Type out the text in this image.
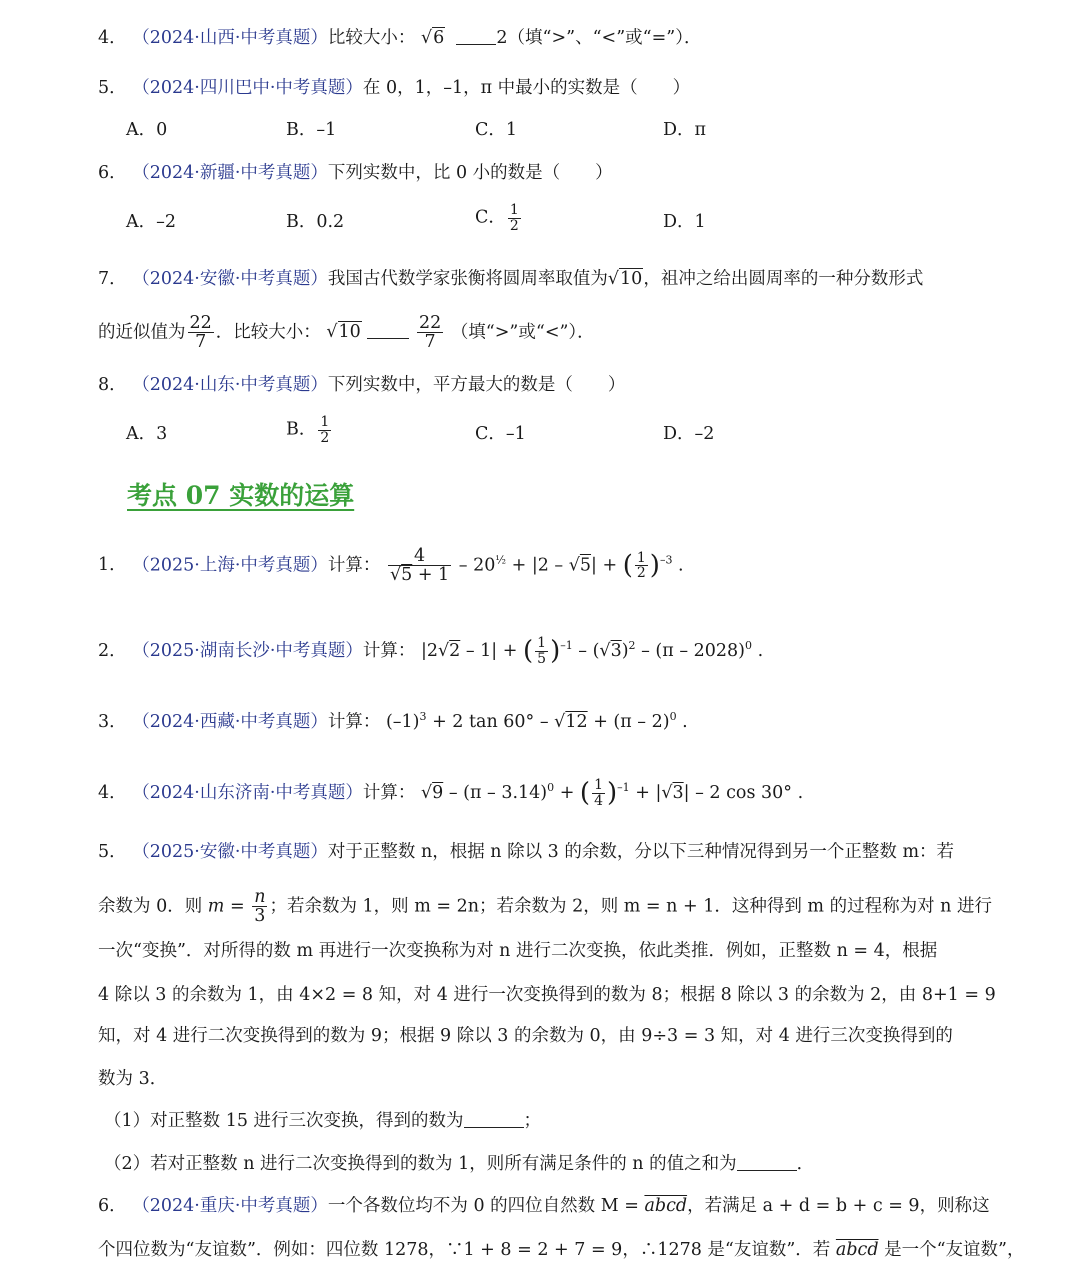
4． （2024·山西·中考真题）比较大小： √6	2（填“>”、“<”或“=”）．
5． （2024·四川巴中·中考真题）在 0，1，–1，π 中最小的实数是（　　）
A．0	B．–1	C．1	D．π
6． （2024·新疆·中考真题）下列实数中，比 0 小的数是（　　）
A．–2	B．0.2	C． $\frac{1}{2}$	D．1
7． （2024·安徽·中考真题）我国古代数学家张衡将圆周率取值为√10，祖冲之给出圆周率的一种分数形式
的近似值为 $\frac{22}{7}$ ．比较大小： √10	$\frac{22}{7}$ （填“>”或“<”）．
8． （2024·山东·中考真题）下列实数中，平方最大的数是（　　）
A．3	B． $\frac{1}{2}$	C．–1	D．–2
考点 07 实数的运算
1． （2025·上海·中考真题）计算： $\frac{4}{√5 + 1} - 20^{\frac{1}{2}} + |2 - √5|$ + ( $\frac{1}{2} )^{-3}$ .
2． （2025·湖南长沙·中考真题）计算： |2√2 – 1| + ( $\frac{1}{5} )^{-1} - (√3)^2 - (\pi - 2028)^0$ .
3． （2024·西藏·中考真题）计算： $(-1)^3 + 2$ tan 60° – √12 + (π – 2)$^0$ .
4． （2024·山东济南·中考真题）计算： √9 – (π – 3.14)$^0$ + ( $\frac{1}{4} )^{-1} + |√3| - 2$ cos 30° .
5． （2025·安徽·中考真题）对于正整数 n，根据 n 除以 3 的余数，分以下三种情况得到另一个正整数 m：若
余数为 0．则 $m = \frac{n}{3}$ ；若余数为 1，则 m = 2n；若余数为 2，则 m = n + 1．这种得到 m 的过程称为对 n 进行
一次“变换”．对所得的数 m 再进行一次变换称为对 n 进行二次变换，依此类推．例如，正整数 n = 4，根据
4 除以 3 的余数为 1，由 4×2 = 8 知，对 4 进行一次变换得到的数为 8；根据 8 除以 3 的余数为 2，由 8+1 = 9
知，对 4 进行二次变换得到的数为 9；根据 9 除以 3 的余数为 0，由 9÷3 = 3 知，对 4 进行三次变换得到的
数为 3．
（1）对正整数 15 进行三次变换，得到的数为	；
（2）若对正整数 n 进行二次变换得到的数为 1，则所有满足条件的 n 的值之和为	．
6． （2024·重庆·中考真题）一个各数位均不为 0 的四位自然数 M = abcd，若满足 a + d = b + c = 9，则称这
个四位数为“友谊数”．例如：四位数 1278，∵1 + 8 = 2 + 7 = 9，∴1278 是“友谊数”．若 abcd 是一个“友谊数”，
